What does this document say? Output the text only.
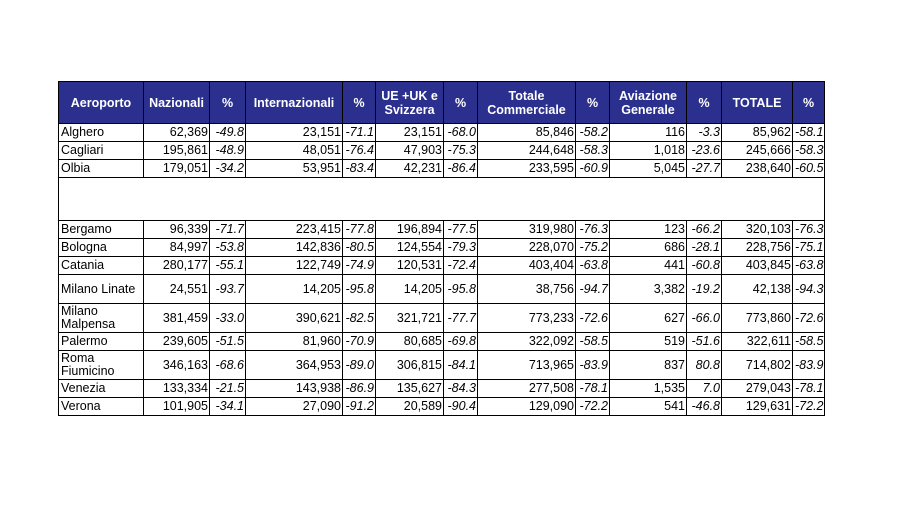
Aeroporto	Nazionali	%	Internazionali	%	UE +UK e Svizzera	%	Totale Commerciale	%	Aviazione Generale	%	TOTALE	%
Alghero	62,369	-49.8	23,151	-71.1	23,151	-68.0	85,846	-58.2	116	-3.3	85,962	-58.1
Cagliari	195,861	-48.9	48,051	-76.4	47,903	-75.3	244,648	-58.3	1,018	-23.6	245,666	-58.3
Olbia	179,051	-34.2	53,951	-83.4	42,231	-86.4	233,595	-60.9	5,045	-27.7	238,640	-60.5

Bergamo	96,339	-71.7	223,415	-77.8	196,894	-77.5	319,980	-76.3	123	-66.2	320,103	-76.3
Bologna	84,997	-53.8	142,836	-80.5	124,554	-79.3	228,070	-75.2	686	-28.1	228,756	-75.1
Catania	280,177	-55.1	122,749	-74.9	120,531	-72.4	403,404	-63.8	441	-60.8	403,845	-63.8
Milano Linate	24,551	-93.7	14,205	-95.8	14,205	-95.8	38,756	-94.7	3,382	-19.2	42,138	-94.3
Milano Malpensa	381,459	-33.0	390,621	-82.5	321,721	-77.7	773,233	-72.6	627	-66.0	773,860	-72.6
Palermo	239,605	-51.5	81,960	-70.9	80,685	-69.8	322,092	-58.5	519	-51.6	322,611	-58.5
Roma Fiumicino	346,163	-68.6	364,953	-89.0	306,815	-84.1	713,965	-83.9	837	80.8	714,802	-83.9
Venezia	133,334	-21.5	143,938	-86.9	135,627	-84.3	277,508	-78.1	1,535	7.0	279,043	-78.1
Verona	101,905	-34.1	27,090	-91.2	20,589	-90.4	129,090	-72.2	541	-46.8	129,631	-72.2
